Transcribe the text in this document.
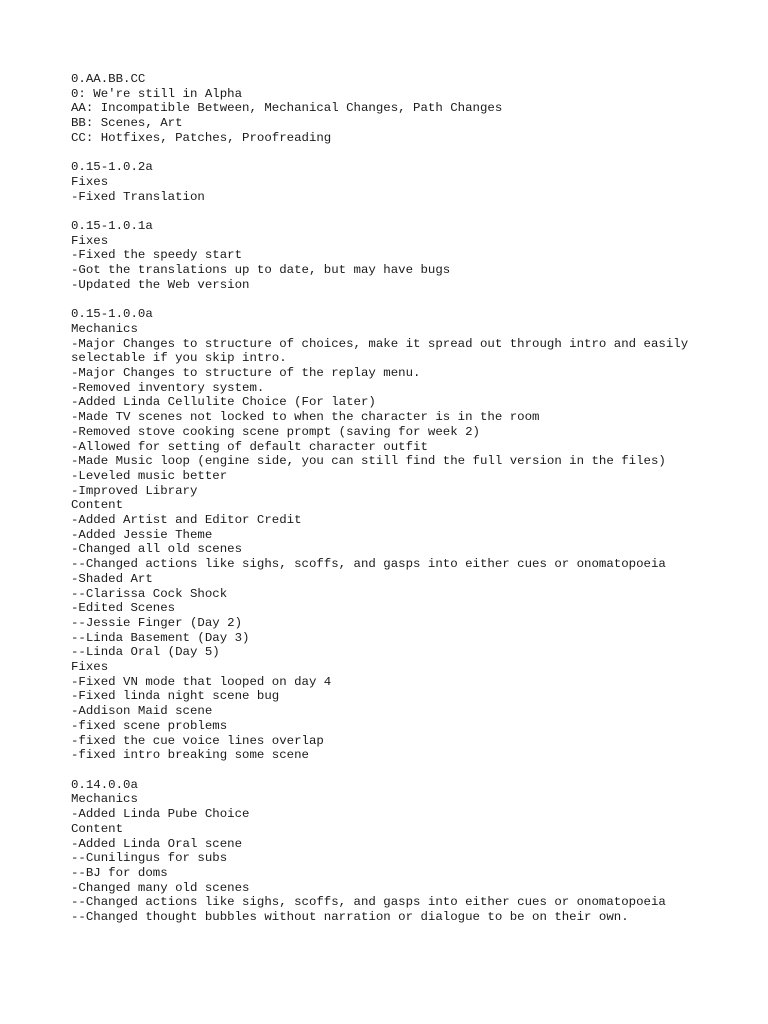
0.AA.BB.CC
0: We're still in Alpha
AA: Incompatible Between, Mechanical Changes, Path Changes
BB: Scenes, Art
CC: Hotfixes, Patches, Proofreading
0.15-1.0.2a
Fixes
-Fixed Translation
0.15-1.0.1a
Fixes
-Fixed the speedy start
-Got the translations up to date, but may have bugs
-Updated the Web version
0.15-1.0.0a
Mechanics
-Major Changes to structure of choices, make it spread out through intro and easily selectable if you skip intro.
-Major Changes to structure of the replay menu.
-Removed inventory system.
-Added Linda Cellulite Choice (For later)
-Made TV scenes not locked to when the character is in the room
-Removed stove cooking scene prompt (saving for week 2)
-Allowed for setting of default character outfit
-Made Music loop (engine side, you can still find the full version in the files)
-Leveled music better
-Improved Library
Content
-Added Artist and Editor Credit
-Added Jessie Theme
-Changed all old scenes
--Changed actions like sighs, scoffs, and gasps into either cues or onomatopoeia
-Shaded Art
--Clarissa Cock Shock
-Edited Scenes
--Jessie Finger (Day 2)
--Linda Basement (Day 3)
--Linda Oral (Day 5)
Fixes
-Fixed VN mode that looped on day 4
-Fixed linda night scene bug
-Addison Maid scene
-fixed scene problems
-fixed the cue voice lines overlap
-fixed intro breaking some scene
0.14.0.0a
Mechanics
-Added Linda Pube Choice
Content
-Added Linda Oral scene
--Cunilingus for subs
--BJ for doms
-Changed many old scenes
--Changed actions like sighs, scoffs, and gasps into either cues or onomatopoeia
--Changed thought bubbles without narration or dialogue to be on their own.
